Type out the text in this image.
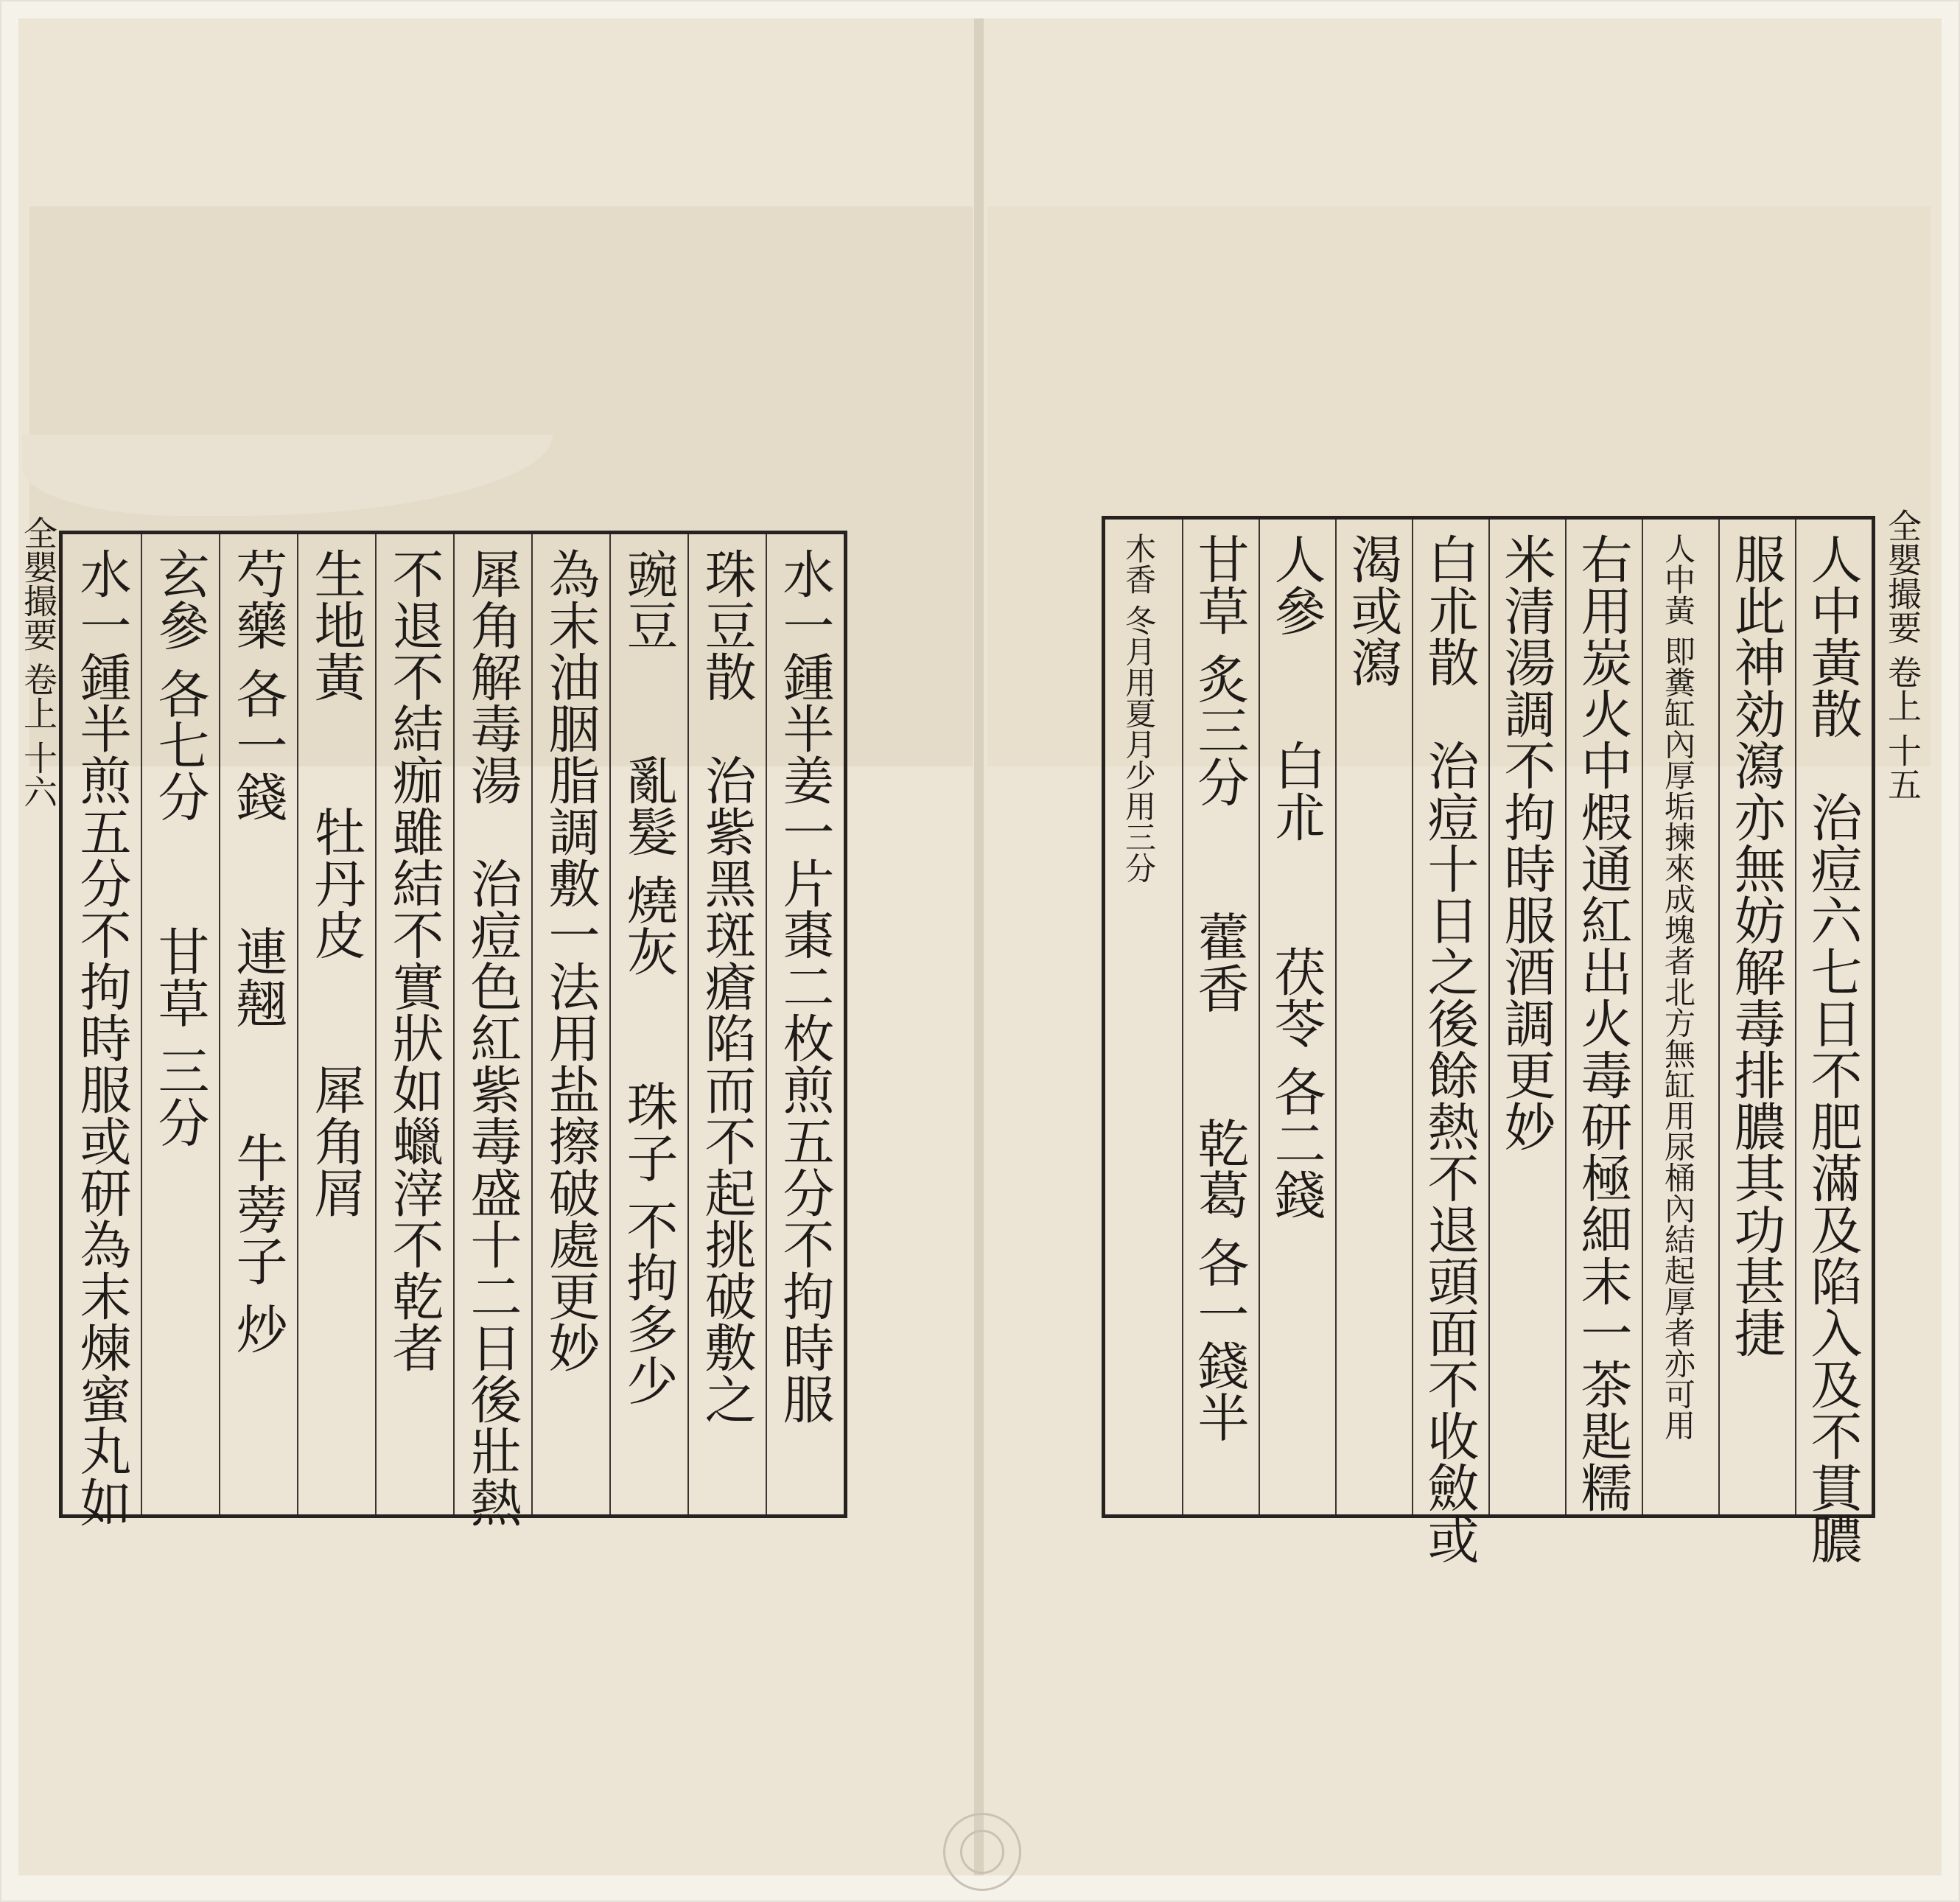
全嬰撮要 卷上 十六	水一鍾半姜一片棗二枚煎五分不拘時服
珠豆散　治紫黑斑瘡陷而不起挑破敷之
豌豆　　亂髮 燒灰　　珠子 不拘多少
為末油胭脂調敷一法用盐擦破處更妙
犀角解毒湯　治痘色紅紫毒盛十二日後壯熱
不退不結痂雖結不實狀如蠟滓不乾者
生地黃　　牡丹皮　　犀角屑
芍藥 各一錢　　連翹　　牛蒡子 炒
玄參 各七分　　甘草 三分
水一鍾半煎五分不拘時服或研為末煉蜜丸如	人中黃散　治痘六七日不肥滿及陷入及不貫膿
服此神効瀉亦無妨解毒排膿其功甚捷
人中黃 即糞缸內厚垢揀來成塊者北方無缸用尿桶內結起厚者亦可用
右用炭火中煆通紅出火毒研極細末一茶匙糯
米清湯調不拘時服酒調更妙
白朮散　治痘十日之後餘熱不退頭面不收斂或
渴或瀉
人參　　白朮　　茯苓 各二錢
甘草 炙三分　　藿香　　乾葛 各一錢半
木香 冬月用夏月少用三分	全嬰撮要 卷上 十五
